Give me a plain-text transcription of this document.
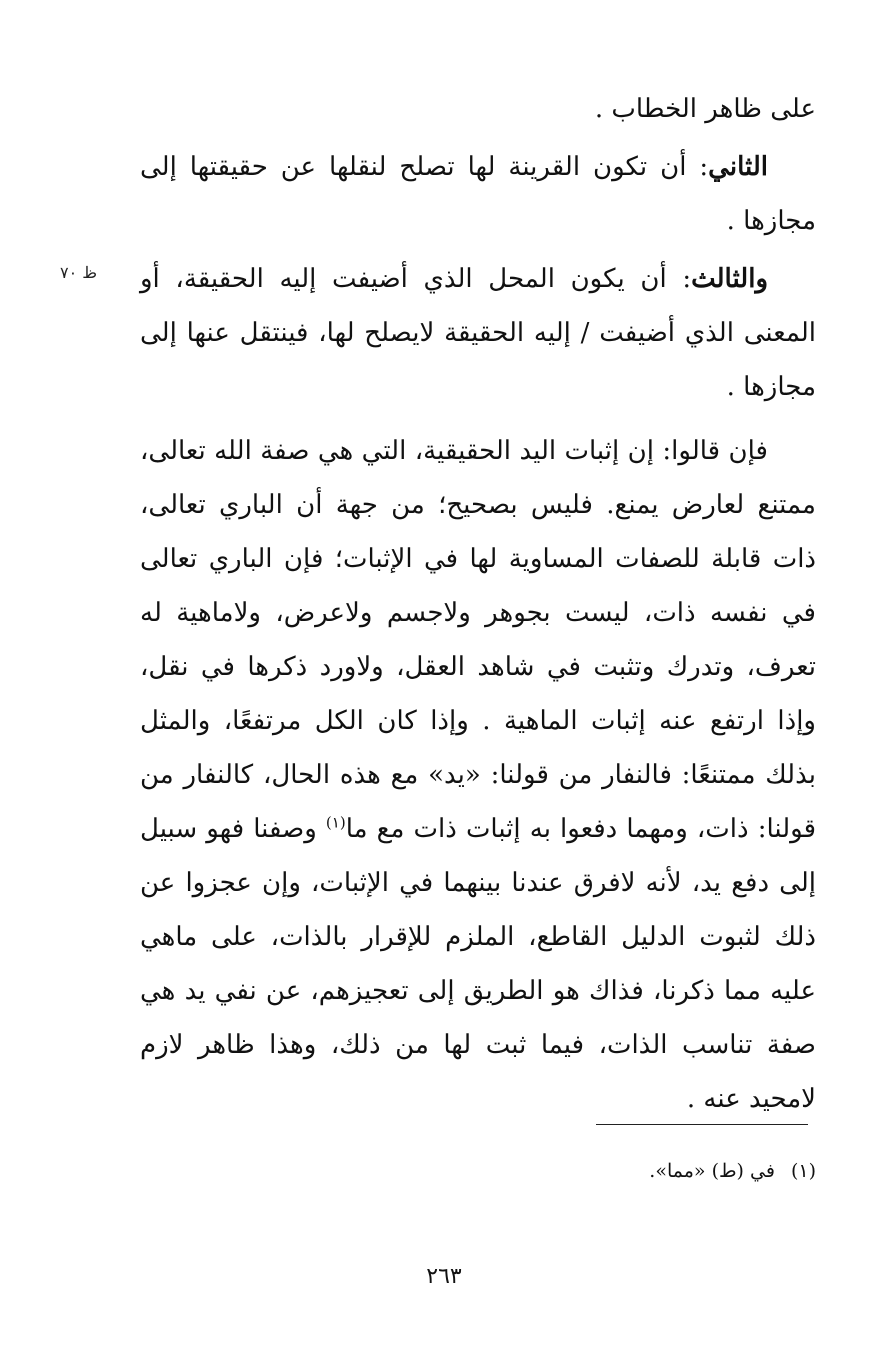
على ظاهر الخطاب .

الثاني: أن تكون القرينة لها تصلح لنقلها عن حقيقتها إلى مجازها .

والثالث: أن يكون المحل الذي أضيفت إليه الحقيقة، أو المعنى الذي أضيفت / إليه الحقيقة لايصلح لها، فينتقل عنها إلى مجازها .

فإن قالوا: إن إثبات اليد الحقيقية، التي هي صفة الله تعالى، ممتنع لعارض يمنع. فليس بصحيح؛ من جهة أن الباري تعالى، ذات قابلة للصفات المساوية لها في الإثبات؛ فإن الباري تعالى في نفسه ذات، ليست بجوهر ولاجسم ولاعرض، ولاماهية له تعرف، وتدرك وتثبت في شاهد العقل، ولاورد ذكرها في نقل، وإذا ارتفع عنه إثبات الماهية . وإذا كان الكل مرتفعًا، والمثل بذلك ممتنعًا: فالنفار من قولنا: «يد» مع هذه الحال، كالنفار من قولنا: ذات، ومهما دفعوا به إثبات ذات مع ما$^{(١)}$ وصفنا فهو سبيل إلى دفع يد، لأنه لافرق عندنا بينهما في الإثبات، وإن عجزوا عن ذلك لثبوت الدليل القاطع، الملزم للإقرار بالذات، على ماهي عليه مما ذكرنا، فذاك هو الطريق إلى تعجيزهم، عن نفي يد هي صفة تناسب الذات، فيما ثبت لها من ذلك، وهذا ظاهر لازم لامحيد عنه .

ظ ٧٠
(١)في (ط) «مما».
٢٦٣
